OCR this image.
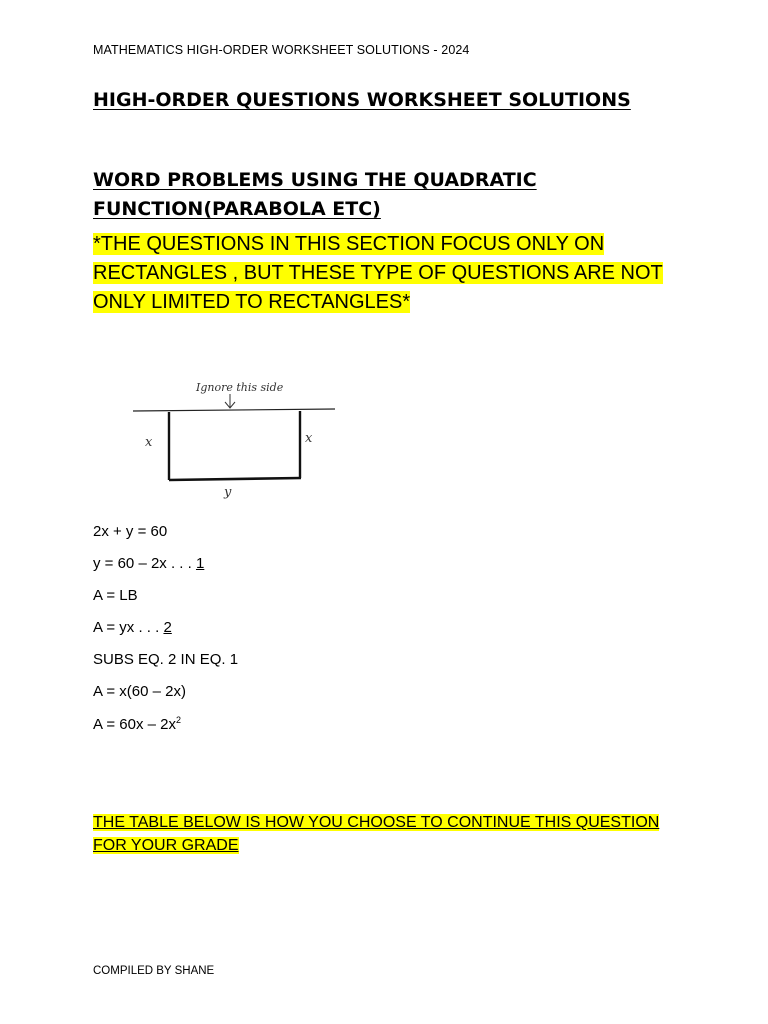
MATHEMATICS HIGH-ORDER WORKSHEET SOLUTIONS - 2024
HIGH-ORDER QUESTIONS WORKSHEET SOLUTIONS
WORD PROBLEMS USING THE QUADRATIC
FUNCTION(PARABOLA ETC)
*THE QUESTIONS IN THIS SECTION FOCUS ONLY ON
RECTANGLES , BUT THESE TYPE OF QUESTIONS ARE NOT
ONLY LIMITED TO RECTANGLES*
Ignore this side
x	x
y
2x + y = 60
y = 60 – 2x . . . 1
A = LB
A = yx . . . 2
SUBS EQ. 2 IN EQ. 1
A = x(60 – 2x)
$A = 60x - 2x^2$
THE TABLE BELOW IS HOW YOU CHOOSE TO CONTINUE THIS QUESTION
FOR YOUR GRADE
COMPILED BY SHANE
